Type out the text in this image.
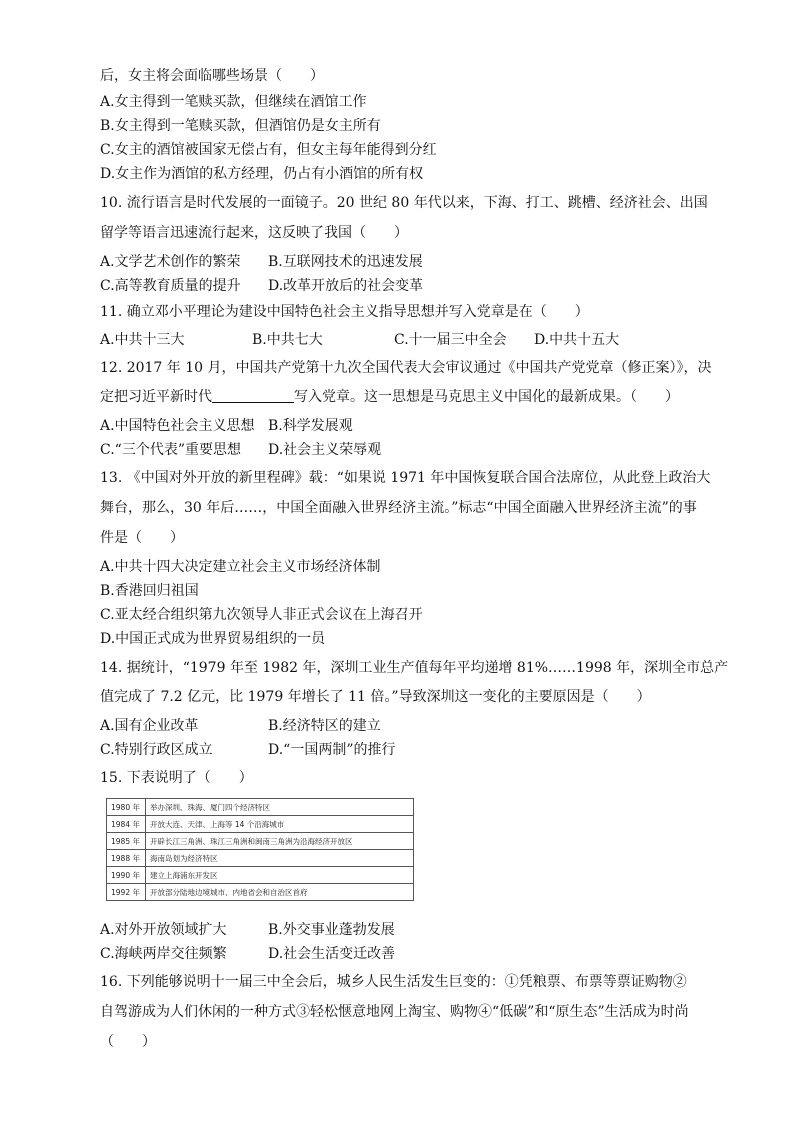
后，女主将会面临哪些场景（　　）
A.女主得到一笔赎买款，但继续在酒馆工作
B.女主得到一笔赎买款，但酒馆仍是女主所有
C.女主的酒馆被国家无偿占有，但女主每年能得到分红
D.女主作为酒馆的私方经理，仍占有小酒馆的所有权
10. 流行语言是时代发展的一面镜子。20 世纪 80 年代以来，下海、打工、跳槽、经济社会、出国
留学等语言迅速流行起来，这反映了我国（　　）
A.文学艺术创作的繁荣 B.互联网技术的迅速发展
C.高等教育质量的提升 D.改革开放后的社会变革
11. 确立邓小平理论为建设中国特色社会主义指导思想并写入党章是在（　　）
A.中共十三大	B.中共七大	C.十一届三中全会 D.中共十五大
12. 2017 年 10 月，中国共产党第十九次全国代表大会审议通过《中国共产党党章（修正案）》，决
定把习近平新时代	写入党章。这一思想是马克思主义中国化的最新成果。（　　）
A.中国特色社会主义思想 B.科学发展观
C.“三个代表”重要思想 D.社会主义荣辱观
13. 《中国对外开放的新里程碑》载：“如果说 1971 年中国恢复联合国合法席位，从此登上政治大
舞台，那么，30 年后……，中国全面融入世界经济主流。”标志“中国全面融入世界经济主流”的事
件是（　　）
A.中共十四大决定建立社会主义市场经济体制
B.香港回归祖国
C.亚太经合组织第九次领导人非正式会议在上海召开
D.中国正式成为世界贸易组织的一员
14. 据统计，“1979 年至 1982 年，深圳工业生产值每年平均递增 81%……1998 年，深圳全市总产
值完成了 7.2 亿元，比 1979 年增长了 11 倍。”导致深圳这一变化的主要原因是（　　）
A.国有企业改革	B.经济特区的建立
C.特别行政区成立	D.“一国两制”的推行
15. 下表说明了（　　）
1980 年	举办深圳、珠海、厦门四个经济特区
1984 年	开放大连、天津、上海等 14 个沿海城市
1985 年	开辟长江三角洲、珠江三角洲和闽南三角洲为沿海经济开放区
1988 年	海南岛划为经济特区
1990 年	建立上海浦东开发区
1992 年	开放部分陆地边境城市、内地省会和自治区首府
A.对外开放领域扩大	B.外交事业蓬勃发展
C.海峡两岸交往频繁	D.社会生活变迁改善
16. 下列能够说明十一届三中全会后，城乡人民生活发生巨变的：①凭粮票、布票等票证购物②
自驾游成为人们休闲的一种方式③轻松惬意地网上淘宝、购物④“低碳”和“原生态”生活成为时尚
（　　）
